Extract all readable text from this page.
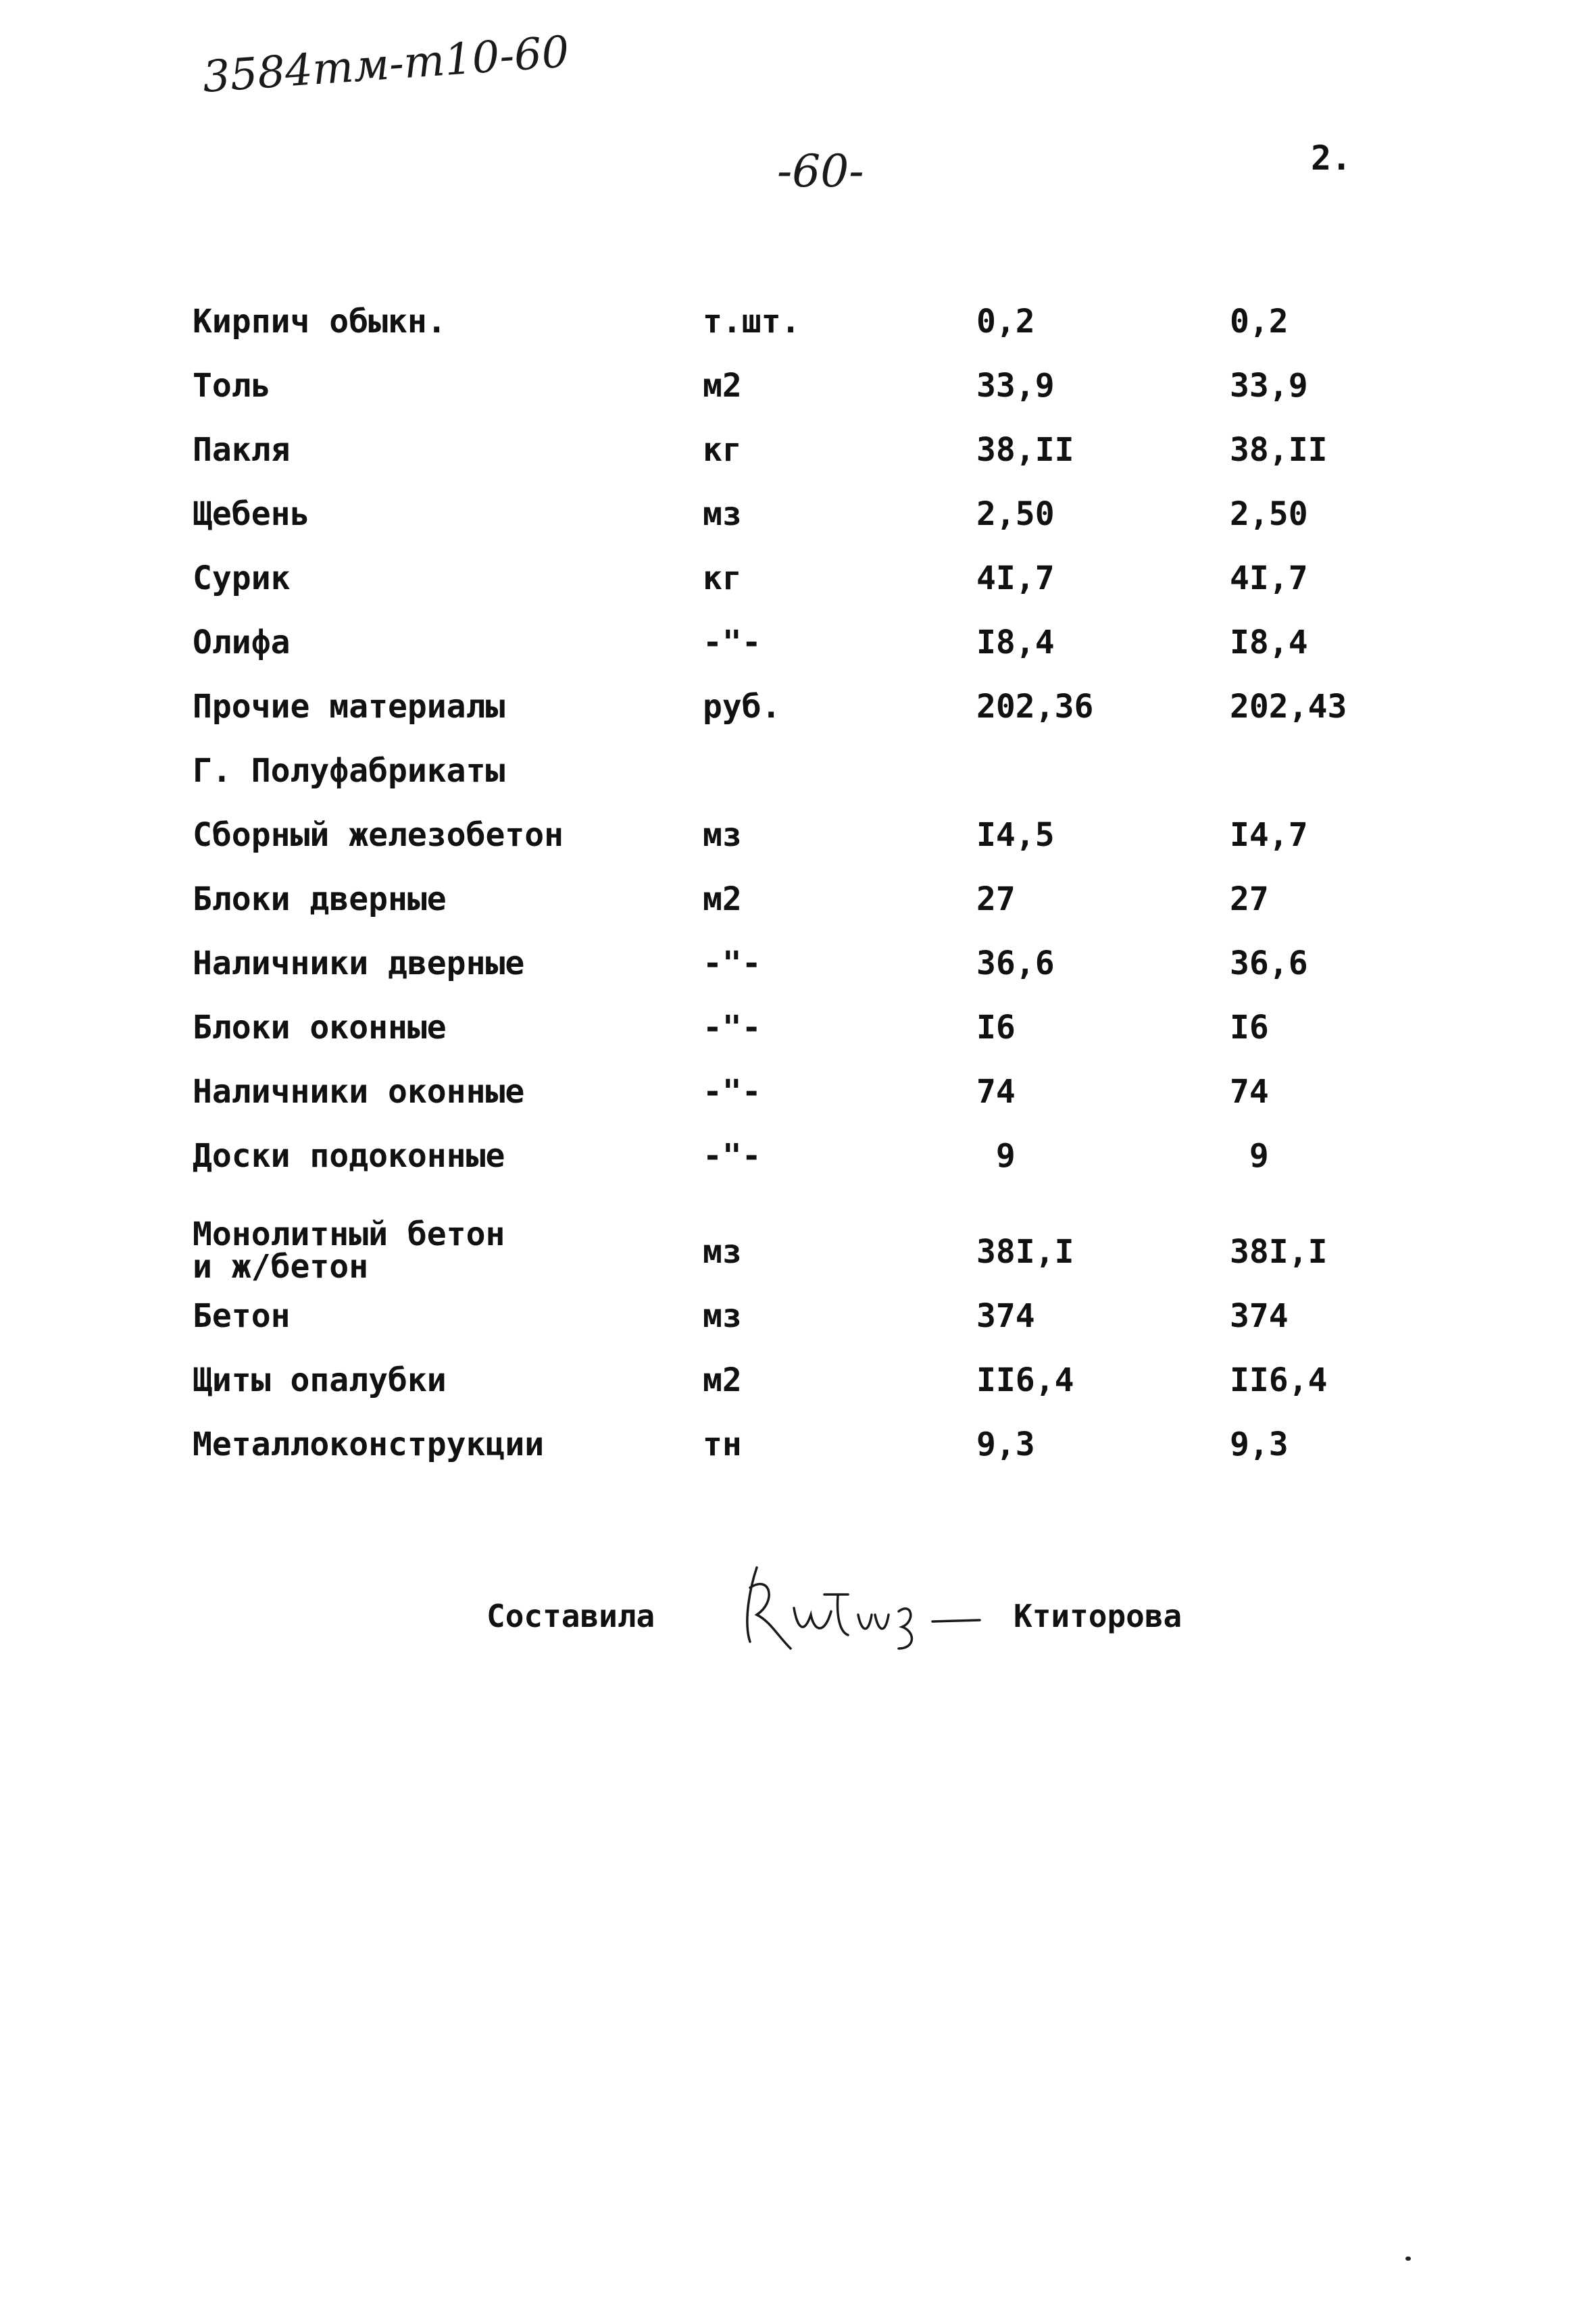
3584тм-т10-60
-60-	2.
Кирпич обыкн.	т.шт.	0,2	0,2
Толь	м2	33,9	33,9
Пакля	кг	38,II	38,II
Щебень	мз	2,50	2,50
Сурик	кг	4I,7	4I,7
Олифа	-"-	I8,4	I8,4
Прочие материалы	руб.	202,36	202,43
Г. Полуфабрикаты
Сборный железобетон	мз	I4,5	I4,7
Блоки дверные	м2	27	27
Наличники дверные	-"-	36,6	36,6
Блоки оконные	-"-	I6	I6
Наличники оконные	-"-	74	74
Доски подоконные	-"-	9	9
Монолитный бетон
и ж/бетон	мз	38I,I	38I,I
Бетон	мз	374	374
Щиты опалубки	м2	II6,4	II6,4
Металлоконструкции	тн	9,3	9,3
Составила	Ктиторова
